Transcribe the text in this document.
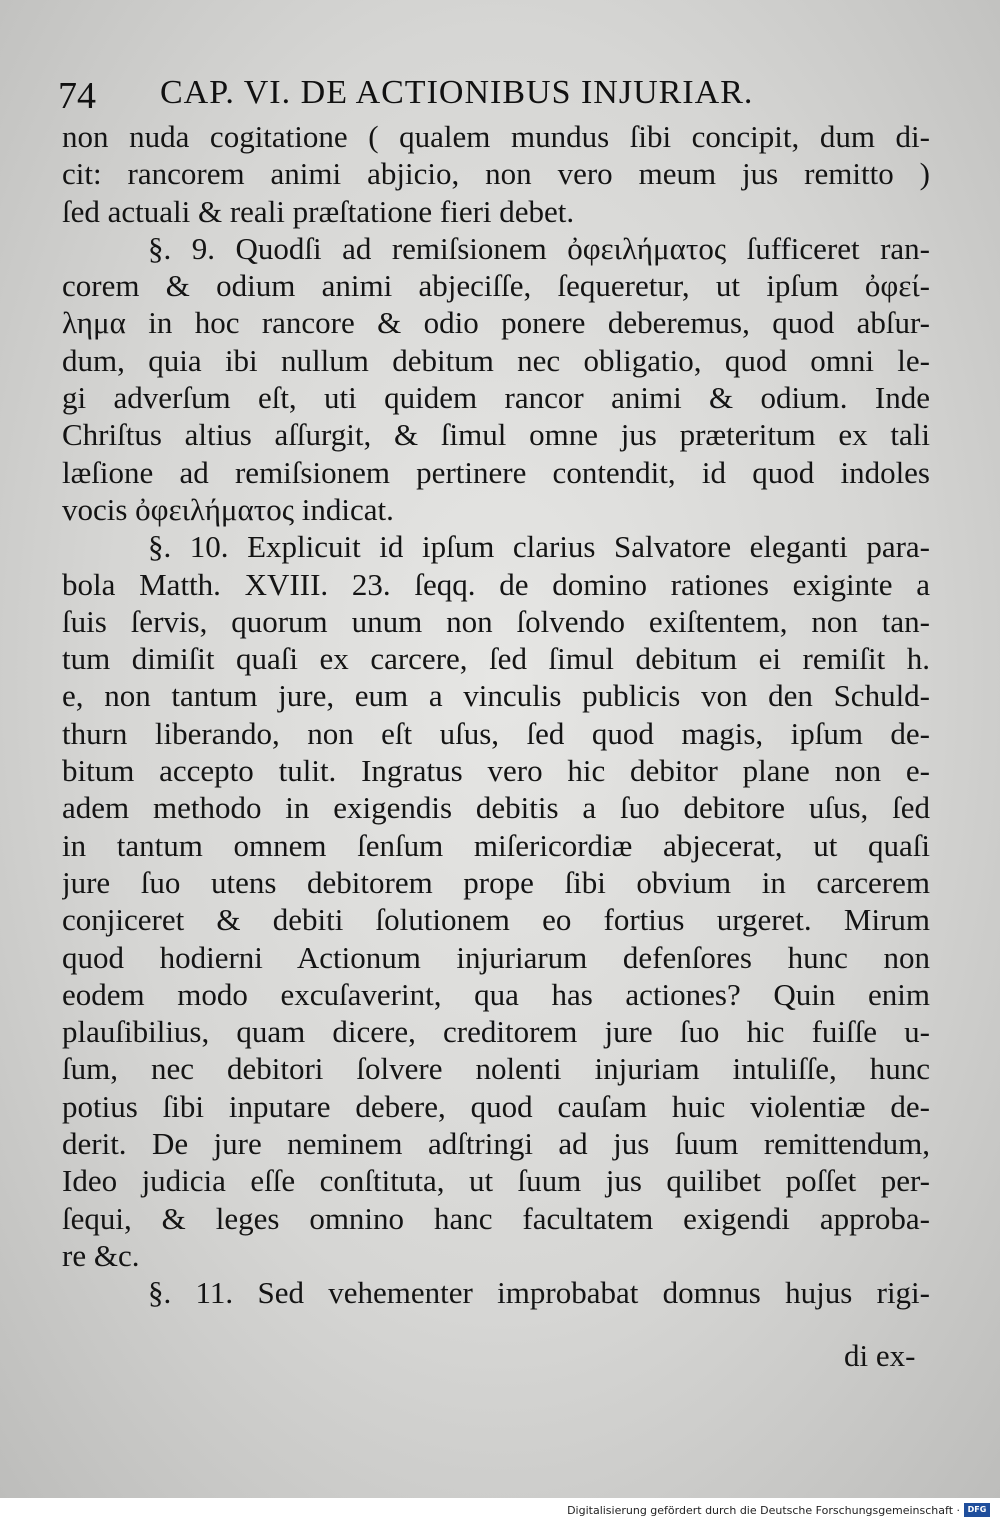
74 CAP. VI. DE ACTIONIBUS INJURIAR.
non nuda cogitatione ( qualem mundus ſibi concipit, dum di-
cit: rancorem animi abjicio, non vero meum jus remitto )
ſed actuali & reali præſtatione fieri debet.
§. 9. Quodſi ad remiſsionem ὀφειλήματος ſufficeret ran-
corem & odium animi abjeciſſe, ſequeretur, ut ipſum ὀφεί-
λημα in hoc rancore & odio ponere deberemus, quod abſur-
dum, quia ibi nullum debitum nec obligatio, quod omni le-
gi adverſum eſt, uti quidem rancor animi & odium. Inde
Chriſtus altius aſſurgit, & ſimul omne jus præteritum ex tali
læſione ad remiſsionem pertinere contendit, id quod indoles
vocis ὀφειλήματος indicat.
§. 10. Explicuit id ipſum clarius Salvatore eleganti para-
bola Matth. XVIII. 23. ſeqq. de domino rationes exiginte a
ſuis ſervis, quorum unum non ſolvendo exiſtentem, non tan-
tum dimiſit quaſi ex carcere, ſed ſimul debitum ei remiſit h.
e, non tantum jure, eum a vinculis publicis von den Schuld-
thurn liberando, non eſt uſus, ſed quod magis, ipſum de-
bitum accepto tulit. Ingratus vero hic debitor plane non e-
adem methodo in exigendis debitis a ſuo debitore uſus, ſed
in tantum omnem ſenſum miſericordiæ abjecerat, ut quaſi
jure ſuo utens debitorem prope ſibi obvium in carcerem
conjiceret & debiti ſolutionem eo fortius urgeret. Mirum
quod hodierni Actionum injuriarum defenſores hunc non
eodem modo excuſaverint, qua has actiones? Quin enim
plauſibilius, quam dicere, creditorem jure ſuo hic fuiſſe u-
ſum, nec debitori ſolvere nolenti injuriam intuliſſe, hunc
potius ſibi inputare debere, quod cauſam huic violentiæ de-
derit. De jure neminem adſtringi ad jus ſuum remittendum,
Ideo judicia eſſe conſtituta, ut ſuum jus quilibet poſſet per-
ſequi, & leges omnino hanc facultatem exigendi approba-
re &c.
§. 11. Sed vehementer improbabat domnus hujus rigi-
di ex-
Digitalisierung gefördert durch die Deutsche Forschungsgemeinschaft · DFG
